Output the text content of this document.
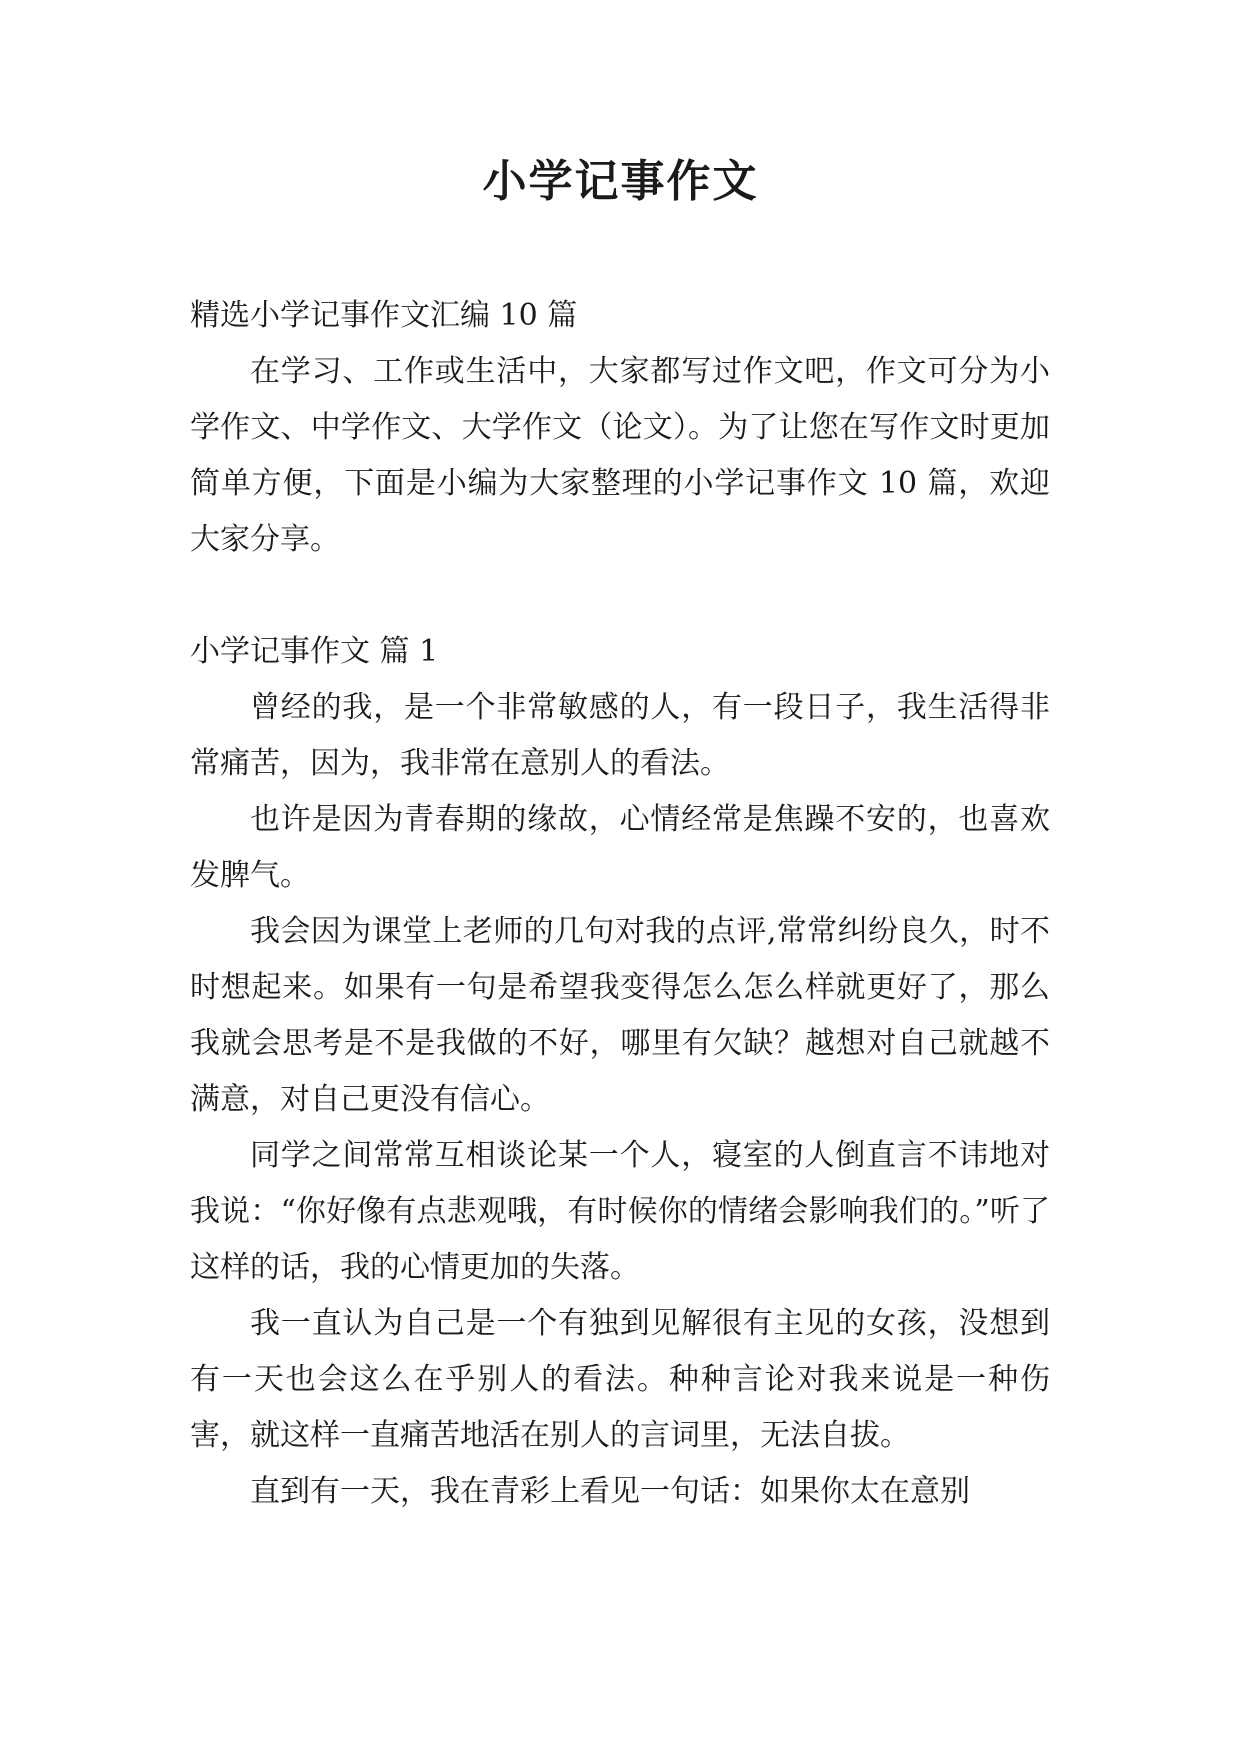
小学记事作文

精选小学记事作文汇编 10 篇

在学习、工作或生活中，大家都写过作文吧，作文可分为小学作文、中学作文、大学作文（论文）。为了让您在写作文时更加简单方便，下面是小编为大家整理的小学记事作文 10 篇，欢迎大家分享。

小学记事作文 篇 1

曾经的我，是一个非常敏感的人，有一段日子，我生活得非常痛苦，因为，我非常在意别人的看法。

也许是因为青春期的缘故，心情经常是焦躁不安的，也喜欢发脾气。

我会因为课堂上老师的几句对我的点评,常常纠纷良久，时不时想起来。如果有一句是希望我变得怎么怎么样就更好了，那么我就会思考是不是我做的不好，哪里有欠缺？越想对自己就越不满意，对自己更没有信心。

同学之间常常互相谈论某一个人，寝室的人倒直言不讳地对我说：“你好像有点悲观哦，有时候你的情绪会影响我们的。”听了这样的话，我的心情更加的失落。

我一直认为自己是一个有独到见解很有主见的女孩，没想到有一天也会这么在乎别人的看法。种种言论对我来说是一种伤害，就这样一直痛苦地活在别人的言词里，无法自拔。

直到有一天，我在青彩上看见一句话：如果你太在意别
